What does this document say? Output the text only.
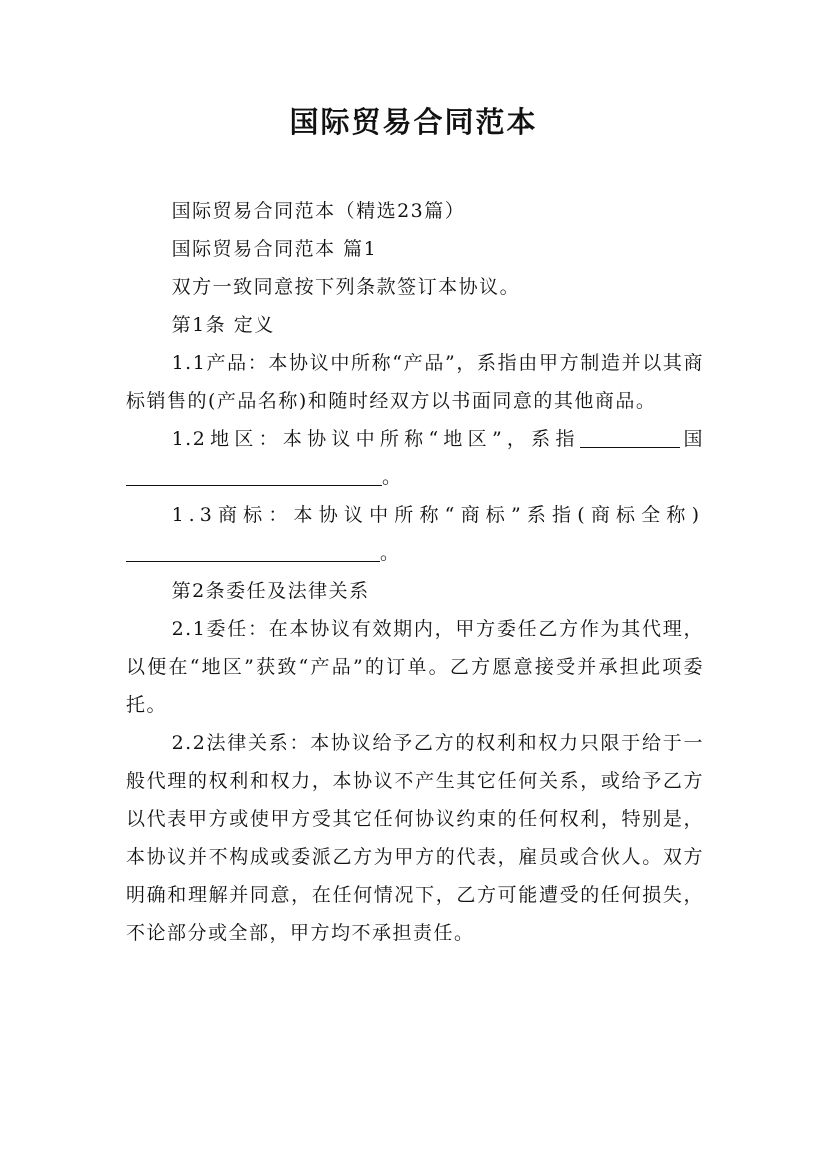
国际贸易合同范本

国际贸易合同范本（精选23篇）

国际贸易合同范本 篇1

双方一致同意按下列条款签订本协议。

第1条 定义

1.1产品：本协议中所称“产品”，系指由甲方制造并以其商标销售的(产品名称)和随时经双方以书面同意的其他商品。

1.2地区：本协议中所称“地区”，系指	国。

1.3商标：本协议中所称“商标”系指(商标全称)。

第2条委任及法律关系

2.1委任：在本协议有效期内，甲方委任乙方作为其代理，以便在“地区”获致“产品”的订单。乙方愿意接受并承担此项委托。

2.2法律关系：本协议给予乙方的权利和权力只限于给于一般代理的权利和权力，本协议不产生其它任何关系，或给予乙方以代表甲方或使甲方受其它任何协议约束的任何权利，特别是，本协议并不构成或委派乙方为甲方的代表，雇员或合伙人。双方明确和理解并同意，在任何情况下，乙方可能遭受的任何损失，不论部分或全部，甲方均不承担责任。
